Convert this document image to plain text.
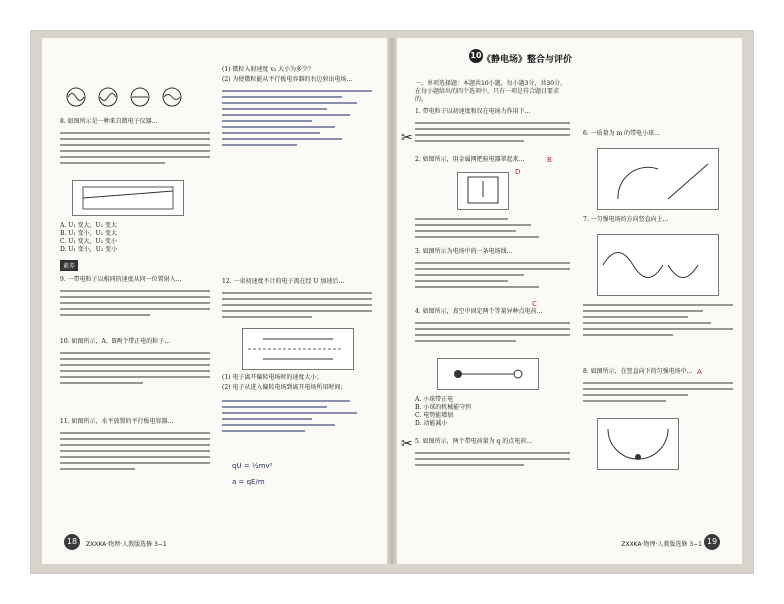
8. 如图所示是一种来自微电子仪器…
A. U₁ 变大，U₂ 变大
B. U₁ 变小，U₂ 变大
C. U₁ 变大，U₂ 变小
D. U₁ 变小，U₂ 变小
素养
9. 一带电粒子以相同的速度从同一位置射入…
10. 如图所示，A、B两个带正电的粒子…
11. 如图所示，水平放置的平行板电容器…
(1) 微粒入射速度 v₀ 大小为多少？
(2) 为使微粒能从平行板电容器的右边射出电场…
12. 一束初速度不计的电子流在经 U 加速后…
(1) 电子离开偏转电场时的速度大小；
(2) 电子从进入偏转电场到离开电场所用时间；
qU = ½mv²
a = qE/m
18	ZXXKA·物理·人教版选修 3−1
10 《静电场》整合与评价
一、单项选择题：本题共10小题，每小题3分，共30分。在每小题给出的四个选项中，只有一项是符合题目要求的。
✂
1. 带电粒子以初速度和仅在电场力作用下…
2. 如图所示，用金属网把验电器罩起来…
3. 如图所示为电场中的一条电场线…
4. 如图所示，真空中固定两个等量异种点电荷…
A. 小球带正电
B. 小球的机械能守恒
C. 电势能增加
D. 动能减小
✂ 5. 如图所示，两个带电荷量为 q 的点电荷…
6. 一质量为 m 的带电小球…
7. 一匀强电场的方向竖直向上…
8. 如图所示，在竖直向下的匀强电场中…
D
C
B
A
ZXXKA·物理·人教版选修 3−1 19
